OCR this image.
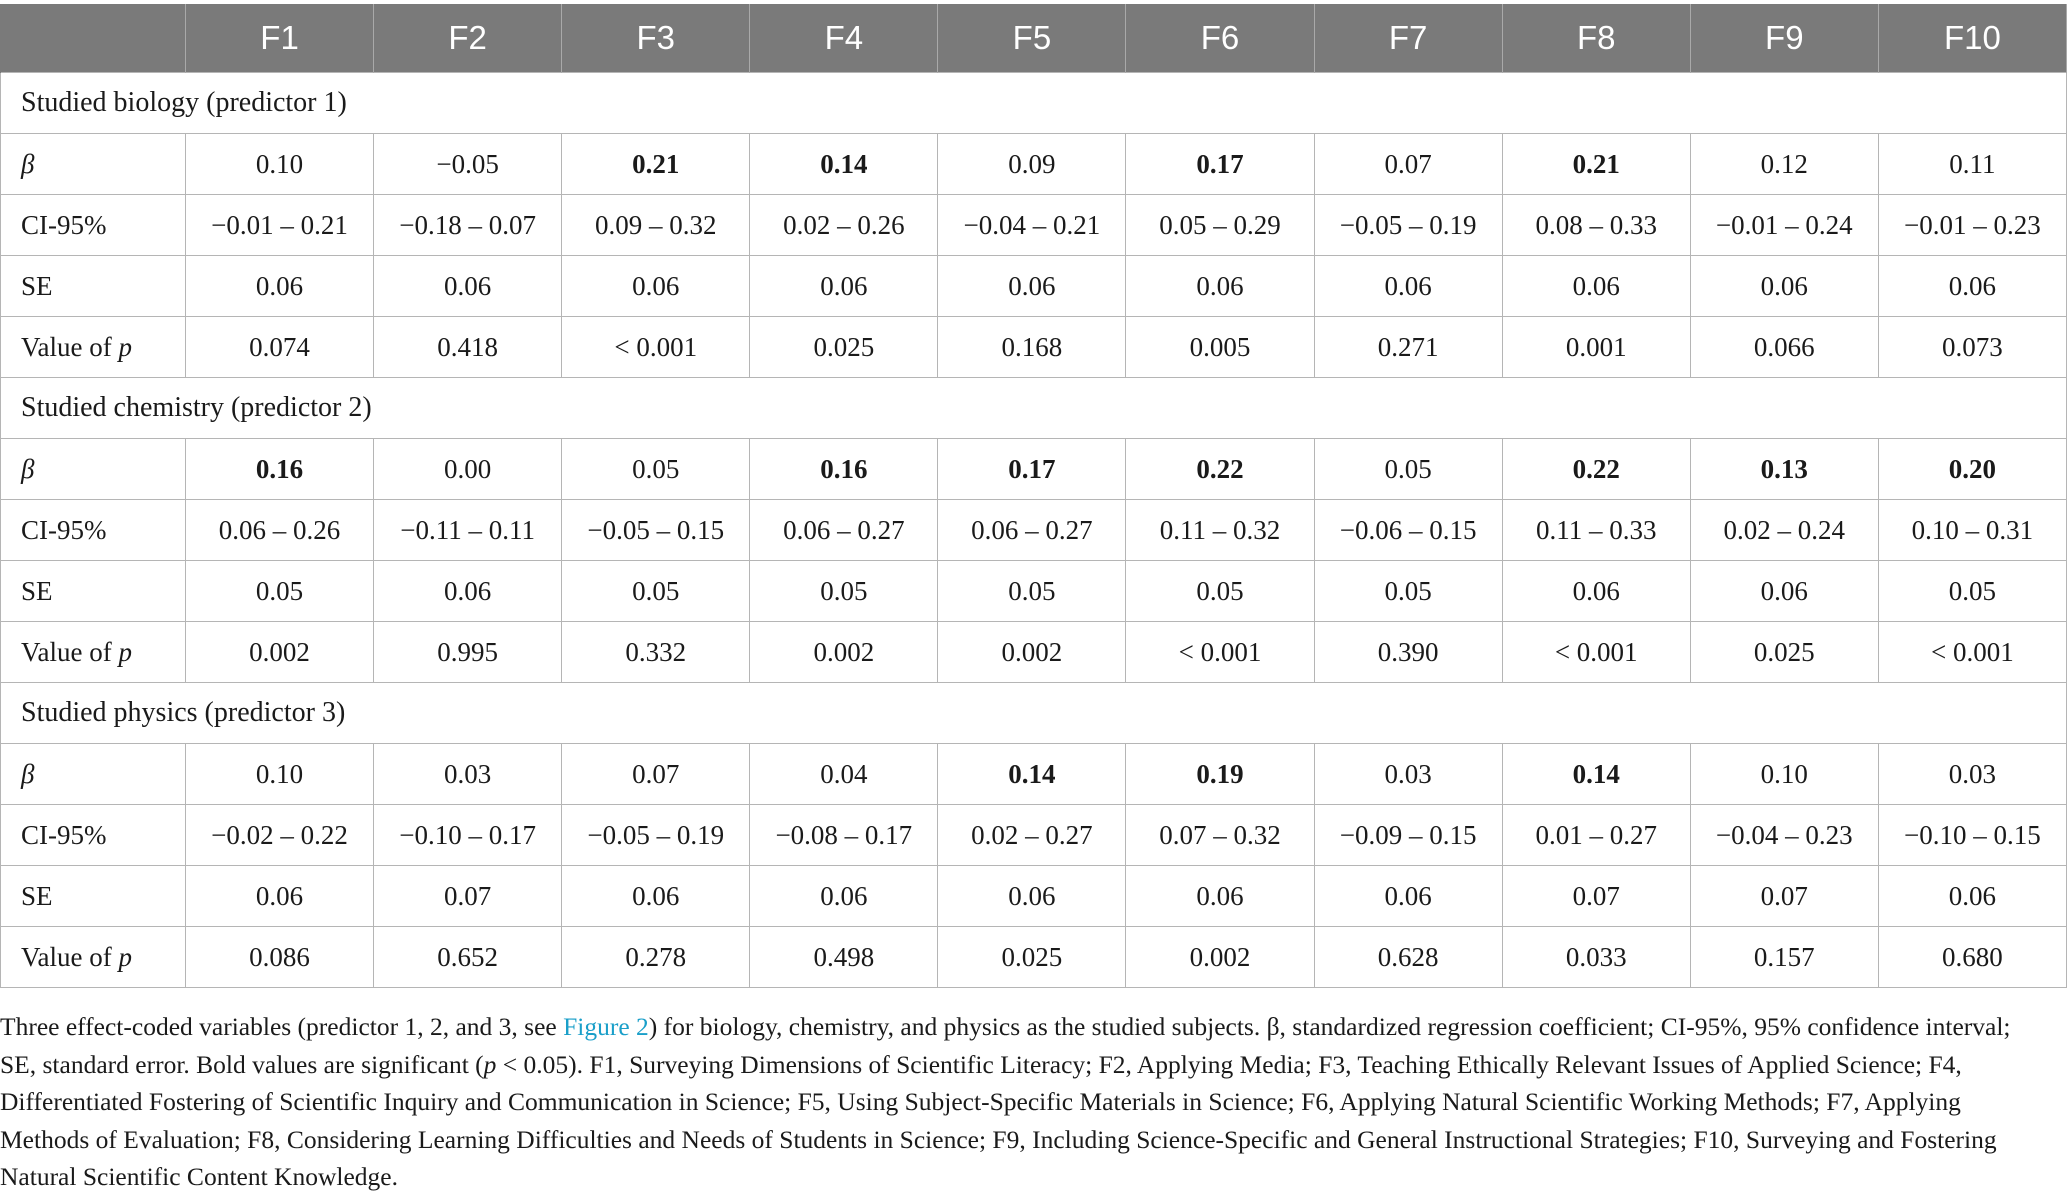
	F1	F2	F3	F4	F5	F6	F7	F8	F9	F10
Studied biology (predictor 1)										
β	0.10	−0.05	0.21	0.14	0.09	0.17	0.07	0.21	0.12	0.11
CI-95%	−0.01 – 0.21	−0.18 – 0.07	0.09 – 0.32	0.02 – 0.26	−0.04 – 0.21	0.05 – 0.29	−0.05 – 0.19	0.08 – 0.33	−0.01 – 0.24	−0.01 – 0.23
SE	0.06	0.06	0.06	0.06	0.06	0.06	0.06	0.06	0.06	0.06
Value of p	0.074	0.418	< 0.001	0.025	0.168	0.005	0.271	0.001	0.066	0.073
Studied chemistry (predictor 2)										
β	0.16	0.00	0.05	0.16	0.17	0.22	0.05	0.22	0.13	0.20
CI-95%	0.06 – 0.26	−0.11 – 0.11	−0.05 – 0.15	0.06 – 0.27	0.06 – 0.27	0.11 – 0.32	−0.06 – 0.15	0.11 – 0.33	0.02 – 0.24	0.10 – 0.31
SE	0.05	0.06	0.05	0.05	0.05	0.05	0.05	0.06	0.06	0.05
Value of p	0.002	0.995	0.332	0.002	0.002	< 0.001	0.390	< 0.001	0.025	< 0.001
Studied physics (predictor 3)										
β	0.10	0.03	0.07	0.04	0.14	0.19	0.03	0.14	0.10	0.03
CI-95%	−0.02 – 0.22	−0.10 – 0.17	−0.05 – 0.19	−0.08 – 0.17	0.02 – 0.27	0.07 – 0.32	−0.09 – 0.15	0.01 – 0.27	−0.04 – 0.23	−0.10 – 0.15
SE	0.06	0.07	0.06	0.06	0.06	0.06	0.06	0.07	0.07	0.06
Value of p	0.086	0.652	0.278	0.498	0.025	0.002	0.628	0.033	0.157	0.680
Three effect-coded variables (predictor 1, 2, and 3, see Figure 2) for biology, chemistry, and physics as the studied subjects. β, standardized regression coefficient; CI-95%, 95% confidence interval; SE, standard error. Bold values are significant (p < 0.05). F1, Surveying Dimensions of Scientific Literacy; F2, Applying Media; F3, Teaching Ethically Relevant Issues of Applied Science; F4, Differentiated Fostering of Scientific Inquiry and Communication in Science; F5, Using Subject-Specific Materials in Science; F6, Applying Natural Scientific Working Methods; F7, Applying Methods of Evaluation; F8, Considering Learning Difficulties and Needs of Students in Science; F9, Including Science-Specific and General Instructional Strategies; F10, Surveying and Fostering Natural Scientific Content Knowledge.
